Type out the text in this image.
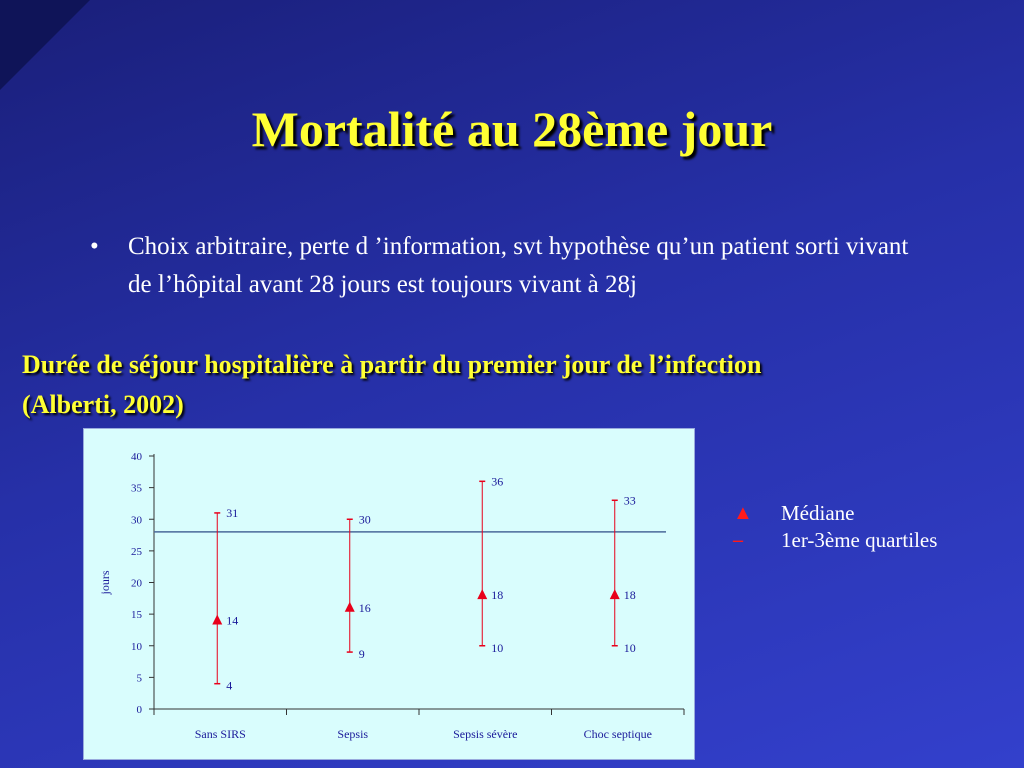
Mortalité au 28ème jour
•	Choix arbitraire, perte d ’information, svt hypothèse qu’un patient sorti vivant de l’hôpital avant 28 jours est toujours vivant à 28j
Durée de séjour hospitalière à partir du premier jour de l’infection (Alberti, 2002)
0
5
10
15
20
25
30
35
40
jours
31
14
4
Sans SIRS
30
16
9
Sepsis
36
18
10
Sepsis sévère
33
18
10
Choc septique
▲	Médiane
–	1er-3ème quartiles
